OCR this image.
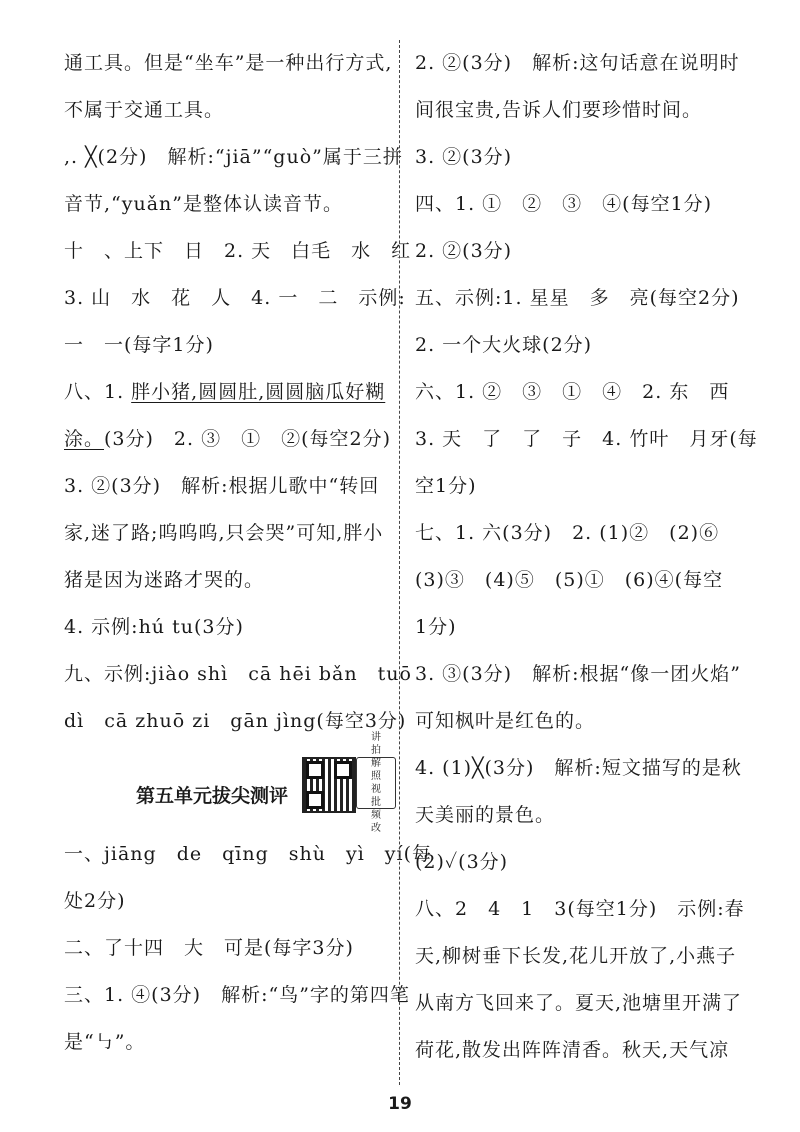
通工具。但是“坐车”是一种出行方式,
不属于交通工具。
,. ╳(2分)　解析:“jiā”“guò”属于三拼
音节,“yuǎn”是整体认读音节。
十　、上下　日　2. 天　白毛　水　红
3. 山　水　花　人　4. 一　二　示例:
一　一(每字1分)
八、1. 胖小猪,圆圆肚,圆圆脑瓜好糊
涂。(3分)　2. ③　①　②(每空2分)
3. ②(3分)　解析:根据儿歌中“转回
家,迷了路;呜呜呜,只会哭”可知,胖小
猪是因为迷路才哭的。
4. 示例:hú tu(3分)
九、示例:jiào shì　cā hēi bǎn　tuō
dì　cā zhuō zi　gān jìng(每空3分)
第五单元拔尖测评
讲
拍
解
照
视
批
频
改
一、jiāng　de　qīng　shù　yì　yí(每
处2分)
二、了十四　大　可是(每字3分)
三、1. ④(3分)　解析:“鸟”字的第四笔
是“㇉”。
2. ②(3分)　解析:这句话意在说明时
间很宝贵,告诉人们要珍惜时间。
3. ②(3分)
四、1. ①　②　③　④(每空1分)
2. ②(3分)
五、示例:1. 星星　多　亮(每空2分)
2. 一个大火球(2分)
六、1. ②　③　①　④　2. 东　西
3. 天　了　了　子　4. 竹叶　月牙(每
空1分)
七、1. 六(3分)　2. (1)②　(2)⑥
(3)③　(4)⑤　(5)①　(6)④(每空
1分)
3. ③(3分)　解析:根据“像一团火焰”
可知枫叶是红色的。
4. (1)╳(3分)　解析:短文描写的是秋
天美丽的景色。
(2)✓(3分)
八、2　4　1　3(每空1分)　示例:春
天,柳树垂下长发,花儿开放了,小燕子
从南方飞回来了。夏天,池塘里开满了
荷花,散发出阵阵清香。秋天,天气凉
19
